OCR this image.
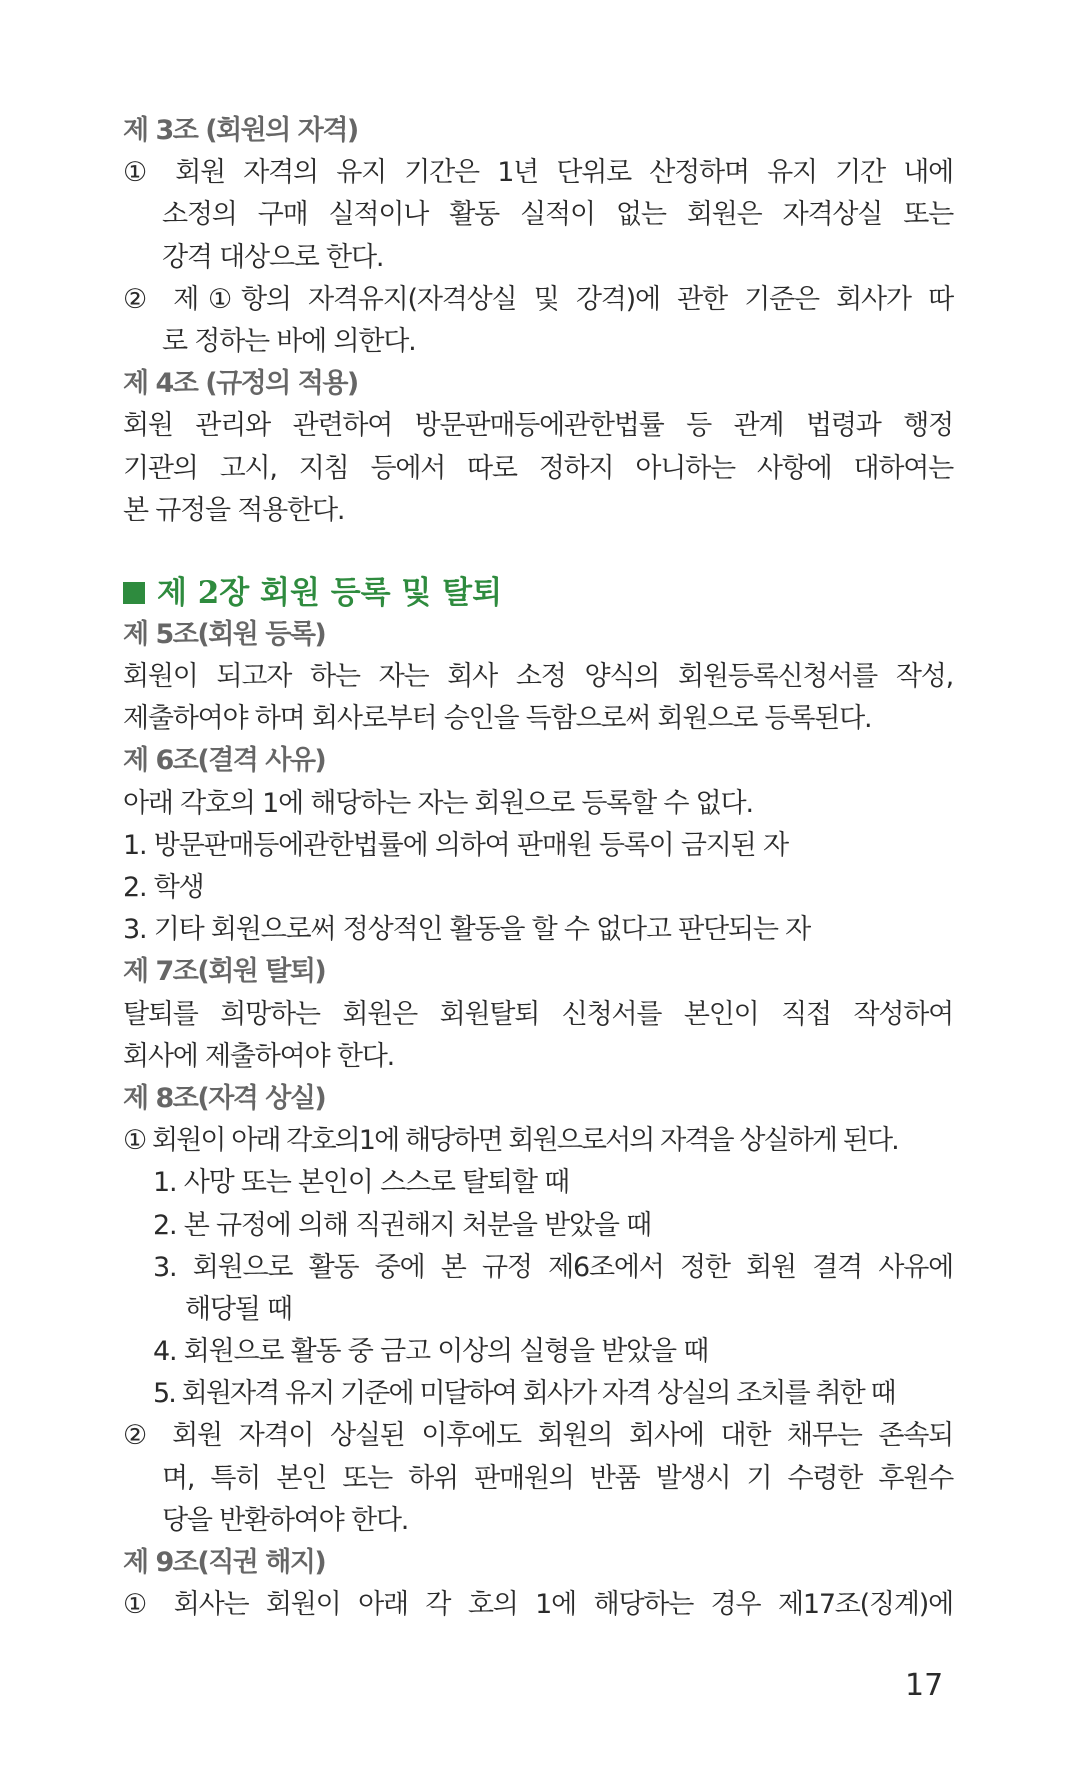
제 3조 (회원의 자격)
① 회원 자격의 유지 기간은 1년 단위로 산정하며 유지 기간 내에
소정의 구매 실적이나 활동 실적이 없는 회원은 자격상실 또는
강격 대상으로 한다.
② 제①항의 자격유지(자격상실 및 강격)에 관한 기준은 회사가 따
로 정하는 바에 의한다.
제 4조 (규정의 적용)
회원 관리와 관련하여 방문판매등에관한법률 등 관계 법령과 행정
기관의 고시, 지침 등에서 따로 정하지 아니하는 사항에 대하여는
본 규정을 적용한다.
제 2장 회원 등록 및 탈퇴
제 5조(회원 등록)
회원이 되고자 하는 자는 회사 소정 양식의 회원등록신청서를 작성,
제출하여야 하며 회사로부터 승인을 득함으로써 회원으로 등록된다.
제 6조(결격 사유)
아래 각호의 1에 해당하는 자는 회원으로 등록할 수 없다.
1. 방문판매등에관한법률에 의하여 판매원 등록이 금지된 자
2. 학생
3. 기타 회원으로써 정상적인 활동을 할 수 없다고 판단되는 자
제 7조(회원 탈퇴)
탈퇴를 희망하는 회원은 회원탈퇴 신청서를 본인이 직접 작성하여
회사에 제출하여야 한다.
제 8조(자격 상실)
① 회원이 아래 각호의1에 해당하면 회원으로서의 자격을 상실하게 된다.
1. 사망 또는 본인이 스스로 탈퇴할 때
2. 본 규정에 의해 직권해지 처분을 받았을 때
3. 회원으로 활동 중에 본 규정 제6조에서 정한 회원 결격 사유에
해당될 때
4. 회원으로 활동 중 금고 이상의 실형을 받았을 때
5. 회원자격 유지 기준에 미달하여 회사가 자격 상실의 조치를 취한 때
② 회원 자격이 상실된 이후에도 회원의 회사에 대한 채무는 존속되
며, 특히 본인 또는 하위 판매원의 반품 발생시 기 수령한 후원수
당을 반환하여야 한다.
제 9조(직권 해지)
① 회사는 회원이 아래 각 호의 1에 해당하는 경우 제17조(징계)에
17
